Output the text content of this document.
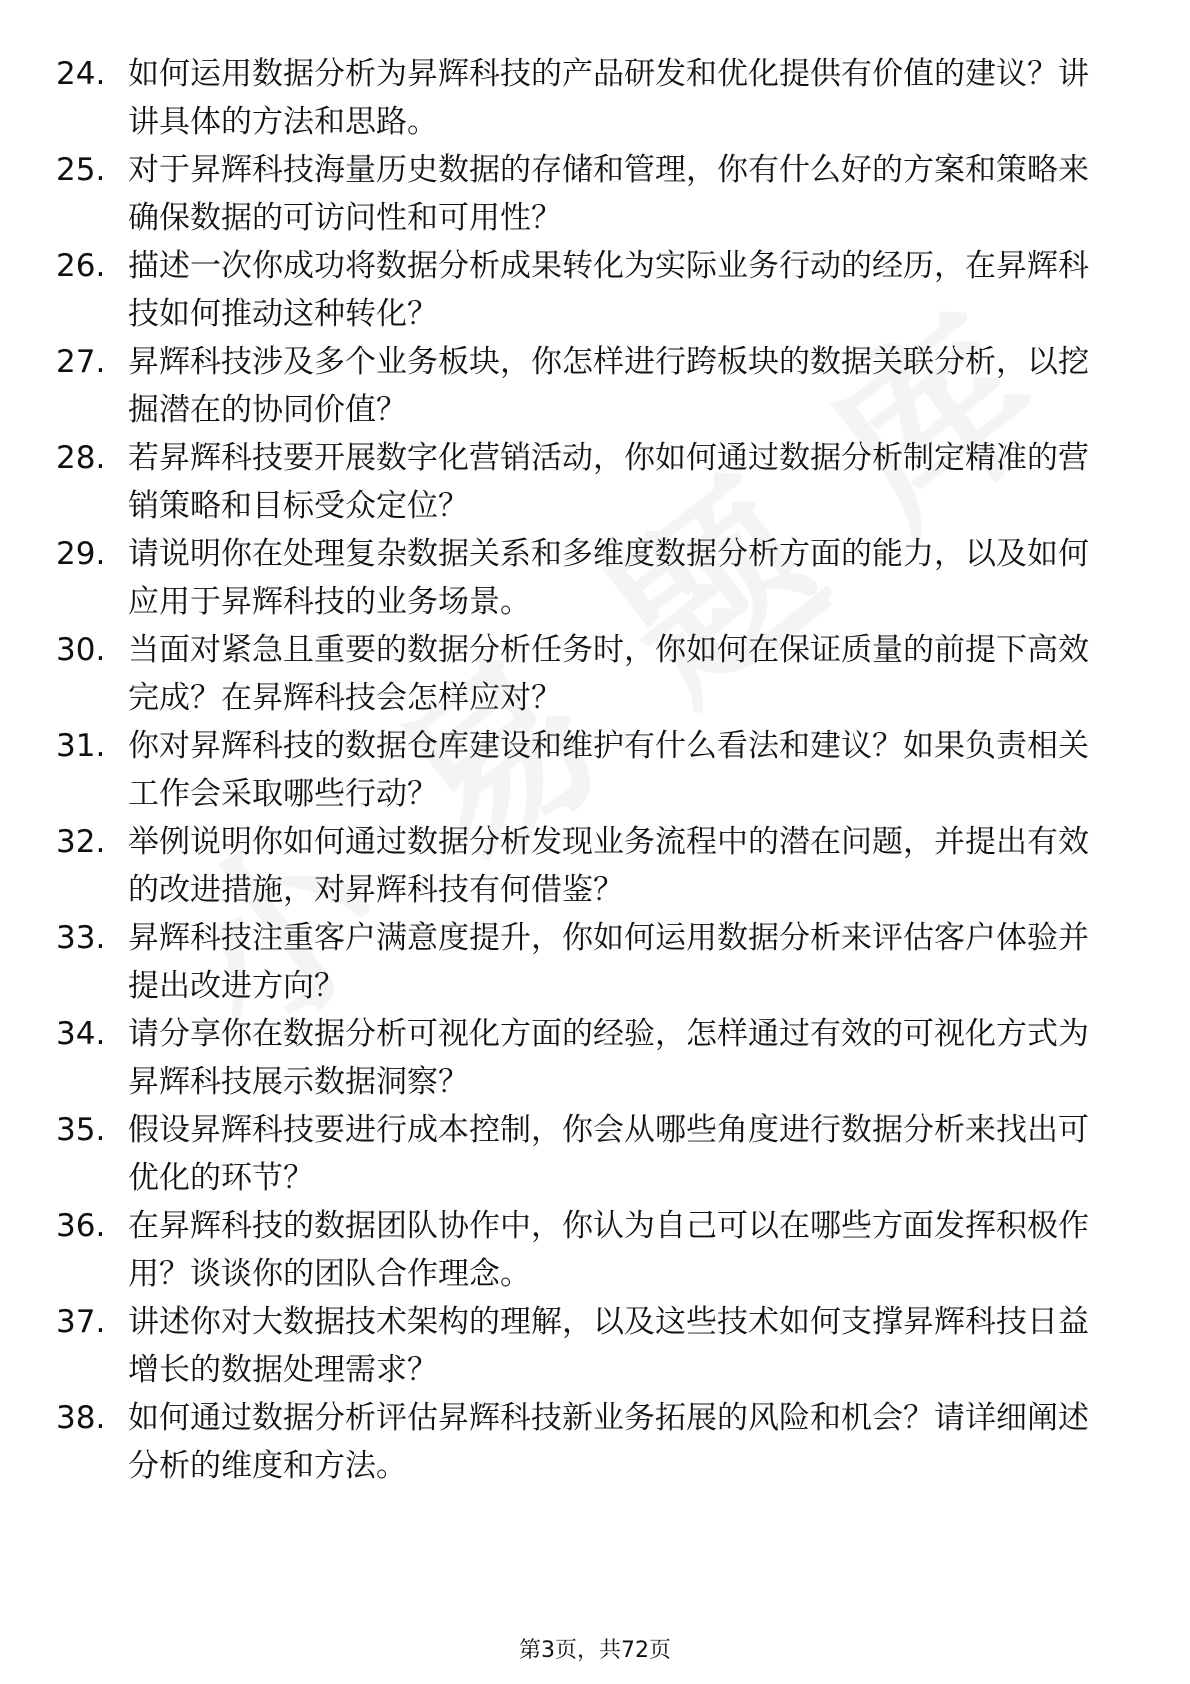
24. 如何运用数据分析为昇辉科技的产品研发和优化提供有价值的建议？讲讲具体的方法和思路。
25. 对于昇辉科技海量历史数据的存储和管理，你有什么好的方案和策略来确保数据的可访问性和可用性？
26. 描述一次你成功将数据分析成果转化为实际业务行动的经历，在昇辉科技如何推动这种转化？
27. 昇辉科技涉及多个业务板块，你怎样进行跨板块的数据关联分析，以挖掘潜在的协同价值？
28. 若昇辉科技要开展数字化营销活动，你如何通过数据分析制定精准的营销策略和目标受众定位？
29. 请说明你在处理复杂数据关系和多维度数据分析方面的能力，以及如何应用于昇辉科技的业务场景。
30. 当面对紧急且重要的数据分析任务时，你如何在保证质量的前提下高效完成？在昇辉科技会怎样应对？
31. 你对昇辉科技的数据仓库建设和维护有什么看法和建议？如果负责相关工作会采取哪些行动？
32. 举例说明你如何通过数据分析发现业务流程中的潜在问题，并提出有效的改进措施，对昇辉科技有何借鉴？
33. 昇辉科技注重客户满意度提升，你如何运用数据分析来评估客户体验并提出改进方向？
34. 请分享你在数据分析可视化方面的经验，怎样通过有效的可视化方式为昇辉科技展示数据洞察？
35. 假设昇辉科技要进行成本控制，你会从哪些角度进行数据分析来找出可优化的环节？
36. 在昇辉科技的数据团队协作中，你认为自己可以在哪些方面发挥积极作用？谈谈你的团队合作理念。
37. 讲述你对大数据技术架构的理解，以及这些技术如何支撑昇辉科技日益增长的数据处理需求？
38. 如何通过数据分析评估昇辉科技新业务拓展的风险和机会？请详细阐述分析的维度和方法。
第3页，共72页
